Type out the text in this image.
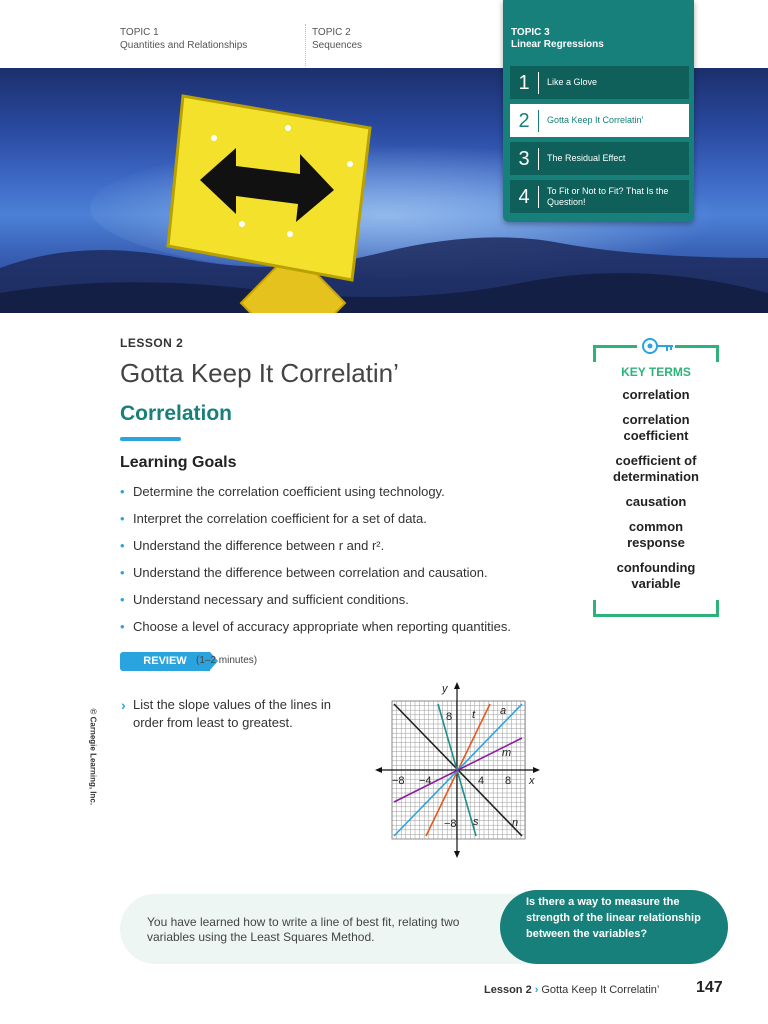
TOPIC 1
Quantities and Relationships
TOPIC 2
Sequences
TOPIC 3
Linear Regressions
1	Like a Glove
2	Gotta Keep It Correlatin’
3	The Residual Effect
4	To Fit or Not to Fit? That Is the Question!
LESSON 2
Gotta Keep It Correlatin’
Correlation
Learning Goals
• Determine the correlation coefficient using technology.
• Interpret the correlation coefficient for a set of data.
• Understand the difference between r and r².
• Understand the difference between correlation and causation.
• Understand necessary and sufficient conditions.
• Choose a level of accuracy appropriate when reporting quantities.
KEY TERMS
correlation
correlation coefficient
coefficient of determination
causation
common response
confounding variable
REVIEW (1–2 minutes)
› List the slope values of the lines in order from least to greatest.
−8 −4	4 8
8
−8
x
y
t a
m
s	n
© Carnegie Learning, Inc.
You have learned how to write a line of best fit, relating two variables using the Least Squares Method.
Is there a way to measure the strength of the linear relationship between the variables?
Lesson 2 › Gotta Keep It Correlatin’ 147
